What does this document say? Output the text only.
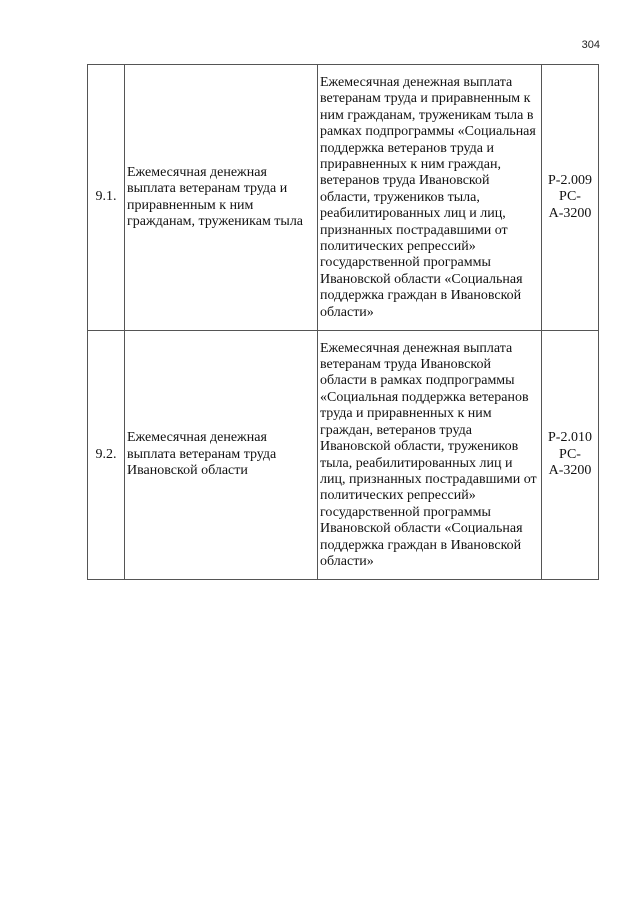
304
9.1.	Ежемесячная денежная выплата ветеранам труда и приравненным к ним гражданам, труженикам тыла	Ежемесячная денежная выплата ветеранам труда и приравненным к ним гражданам, труженикам тыла в рамках подпрограммы «Социальная поддержка ветеранов труда и приравненных к ним граждан, ветеранов труда Ивановской области, тружеников тыла, реабилитированных лиц и лиц, признанных пострадавшими от политических репрессий» государственной программы Ивановской области «Социальная поддержка граждан в Ивановской области»	Р-2.009 РС-А-3200
9.2.	Ежемесячная денежная выплата ветеранам труда Ивановской области	Ежемесячная денежная выплата ветеранам труда Ивановской области в рамках подпрограммы «Социальная поддержка ветеранов труда и приравненных к ним граждан, ветеранов труда Ивановской области, тружеников тыла, реабилитированных лиц и лиц, признанных пострадавшими от политических репрессий» государственной программы Ивановской области «Социальная поддержка граждан в Ивановской области»	Р-2.010 РС-А-3200
